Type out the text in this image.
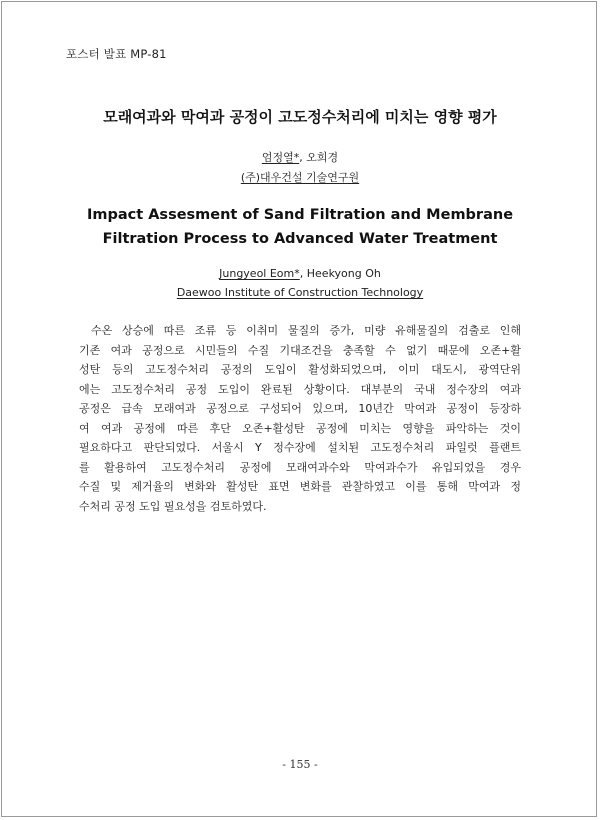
포스터 발표 MP-81
모래여과와 막여과 공정이 고도정수처리에 미치는 영향 평가
엄정열*, 오희경
(주)대우건설 기술연구원
Impact Assesment of Sand Filtration and Membrane
Filtration Process to Advanced Water Treatment
Jungyeol Eom*, Heekyong Oh
Daewoo Institute of Construction Technology
수온 상승에 따른 조류 등 이취미 물질의 증가, 미량 유해물질의 검출로 인해
기존 여과 공정으로 시민들의 수질 기대조건을 충족할 수 없기 때문에 오존+활
성탄 등의 고도정수처리 공정의 도입이 활성화되었으며, 이미 대도시, 광역단위
에는 고도정수처리 공정 도입이 완료된 상황이다. 대부분의 국내 정수장의 여과
공정은 급속 모래여과 공정으로 구성되어 있으며, 10년간 막여과 공정이 등장하
여 여과 공정에 따른 후단 오존+활성탄 공정에 미치는 영향을 파악하는 것이
필요하다고 판단되었다. 서울시 Y 정수장에 설치된 고도정수처리 파일럿 플랜트
를 활용하여 고도정수처리 공정에 모래여과수와 막여과수가 유입되었을 경우
수질 및 제거율의 변화와 활성탄 표면 변화를 관찰하였고 이를 통해 막여과 정
수처리 공정 도입 필요성을 검토하였다.
- 155 -
